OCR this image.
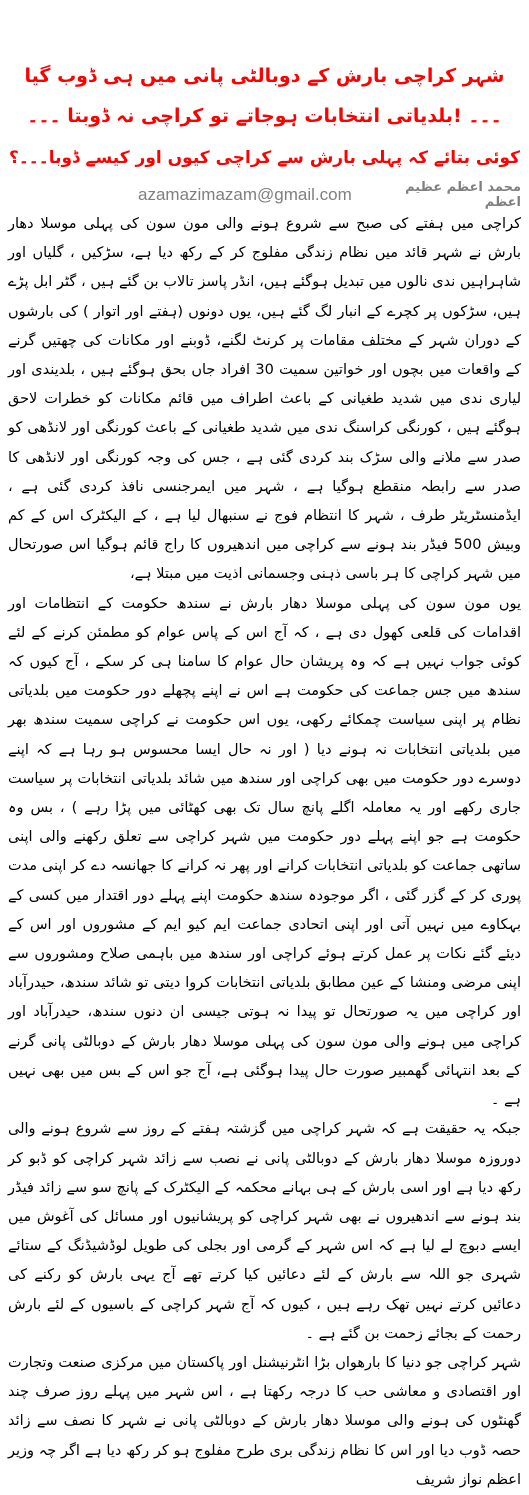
شہر کراچی بارش کے دوبالٹی پانی میں ہی ڈوب گیا ۔۔۔ !بلدیاتی انتخابات ہوجاتے تو کراچی نہ ڈوبتا ۔۔۔
کوئی بتائے کہ پہلی بارش سے کراچی کیوں اور کیسے ڈوبا۔۔۔؟
azamazimazam@gmail.com	محمد اعظم عظیم اعظم

کراچی میں ہفتے کی صبح سے شروع ہونے والی مون سون کی پہلی موسلا دھار بارش نے شہر قائد میں نظام زندگی مفلوج کر کے رکھ دیا ہے، سڑکیں ، گلیاں اور شاہراہیں ندی نالوں میں تبدیل ہوگئے ہیں، انڈر پاسز تالاب بن گئے ہیں ، گٹر ابل پڑے ہیں، سڑکوں پر کچرے کے انبار لگ گئے ہیں، یوں دونوں (ہفتے اور اتوار ) کی بارشوں کے دوران شہر کے مختلف مقامات پر کرنٹ لگنے، ڈوبنے اور مکانات کی چھتیں گرنے کے واقعات میں بچوں اور خواتین سمیت 30 افراد جاں بحق ہوگئے ہیں ، بلدیندی اور لیاری ندی میں شدید طغیانی کے باعث اطراف میں قائم مکانات کو خطرات لاحق ہوگئے ہیں ، کورنگی کراسنگ ندی میں شدید طغیانی کے باعث کورنگی اور لانڈھی کو صدر سے ملانے والی سڑک بند کردی گئی ہے ، جس کی وجہ کورنگی اور لانڈھی کا صدر سے رابطہ منقطع ہوگیا ہے ، شہر میں ایمرجنسی نافذ کردی گئی ہے ، ایڈمنسٹریٹر طرف ، شہر کا انتظام فوج نے سنبھال لیا ہے ، کے الیکٹرک اس کے کم وبیش 500 فیڈر بند ہونے سے کراچی میں اندھیروں کا راج قائم ہوگیا اس صورتحال میں شہر کراچی کا ہر باسی ذہنی وجسمانی اذیت میں مبتلا ہے،

یوں مون سون کی پہلی موسلا دھار بارش نے سندھ حکومت کے انتظامات اور اقدامات کی قلعی کھول دی ہے ، کہ آج اس کے پاس عوام کو مطمئن کرنے کے لئے کوئی جواب نہیں ہے کہ وہ پریشان حال عوام کا سامنا ہی کر سکے ، آج کیوں کہ سندھ میں جس جماعت کی حکومت ہے اس نے اپنے پچھلے دور حکومت میں بلدیاتی نظام پر اپنی سیاست چمکائے رکھی، یوں اس حکومت نے کراچی سمیت سندھ بھر میں بلدیاتی انتخابات نہ ہونے دیا ( اور نہ حال ایسا محسوس ہو رہا ہے کہ اپنے دوسرے دور حکومت میں بھی کراچی اور سندھ میں شائد بلدیاتی انتخابات پر سیاست جاری رکھے اور یہ معاملہ اگلے پانچ سال تک بھی کھٹائی میں پڑا رہے ) ، بس وہ حکومت ہے جو اپنے پہلے دور حکومت میں شہر کراچی سے تعلق رکھنے والی اپنی ساتھی جماعت کو بلدیاتی انتخابات کرانے اور پھر نہ کرانے کا جھانسہ دے کر اپنی مدت پوری کر کے گزر گئی ، اگر موجودہ سندھ حکومت اپنے پہلے دور اقتدار میں کسی کے بہکاوے میں نہیں آتی اور اپنی اتحادی جماعت ایم کیو ایم کے مشوروں اور اس کے دیئے گئے نکات پر عمل کرتے ہوئے کراچی اور سندھ میں باہمی صلاح ومشوروں سے اپنی مرضی ومنشا کے عین مطابق بلدیاتی انتخابات کروا دیتی تو شائد سندھ، حیدرآباد اور کراچی میں یہ صورتحال تو پیدا نہ ہوتی جیسی ان دنوں سندھ، حیدرآباد اور کراچی میں ہونے والی مون سون کی پہلی موسلا دھار بارش کے دوبالٹی پانی گرنے کے بعد انتہائی گھمبیر صورت حال پیدا ہوگئی ہے، آج جو اس کے بس میں بھی نہیں ہے ۔

جبکہ یہ حقیقت ہے کہ شہر کراچی میں گزشتہ ہفتے کے روز سے شروع ہونے والی دوروزہ موسلا دھار بارش کے دوبالٹی پانی نے نصب سے زائد شہر کراچی کو ڈبو کر رکھ دیا ہے اور اسی بارش کے ہی بہانے محکمہ کے الیکٹرک کے پانچ سو سے زائد فیڈر بند ہونے سے اندھیروں نے بھی شہر کراچی کو پریشانیوں اور مسائل کی آغوش میں ایسے دبوچ لے لیا ہے کہ اس شہر کے گرمی اور بجلی کی طویل لوڈشیڈنگ کے ستائے شہری جو اللہ سے بارش کے لئے دعائیں کیا کرتے تھے آج یہی بارش کو رکنے کی دعائیں کرتے نہیں تھک رہے ہیں ، کیوں کہ آج شہر کراچی کے باسیوں کے لئے بارش رحمت کے بجائے زحمت بن گئے ہے ۔

شہر کراچی جو دنیا کا بارھواں بڑا انٹرنیشنل اور پاکستان میں مرکزی صنعت وتجارت اور اقتصادی و معاشی حب کا درجہ رکھتا ہے ، اس شہر میں پہلے روز صرف چند گھنٹوں کی ہونے والی موسلا دھار بارش کے دوبالٹی پانی نے شہر کا نصف سے زائد حصہ ڈوب دیا اور اس کا نظام زندگی بری طرح مفلوج ہو کر رکھ دیا ہے اگر چہ وزیر اعظم نواز شریف
